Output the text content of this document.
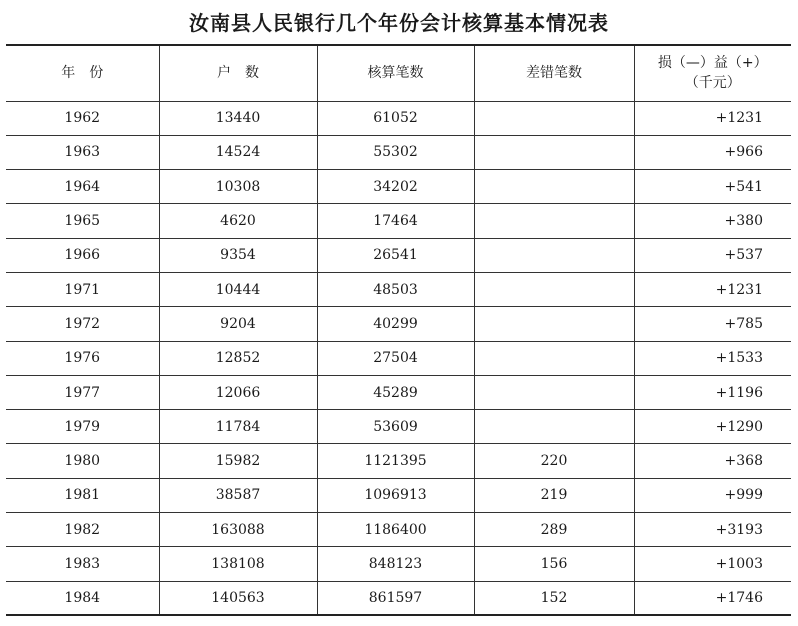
汝南县人民银行几个年份会计核算基本情况表
年　份	户　数	核算笔数	差错笔数	损（—）益（+）
（千元）

1962	13440	61052		+1231
1963	14524	55302		+966
1964	10308	34202		+541
1965	4620	17464		+380
1966	9354	26541		+537
1971	10444	48503		+1231
1972	9204	40299		+785
1976	12852	27504		+1533
1977	12066	45289		+1196
1979	11784	53609		+1290
1980	15982	1121395	220	+368
1981	38587	1096913	219	+999
1982	163088	1186400	289	+3193
1983	138108	848123	156	+1003
1984	140563	861597	152	+1746
